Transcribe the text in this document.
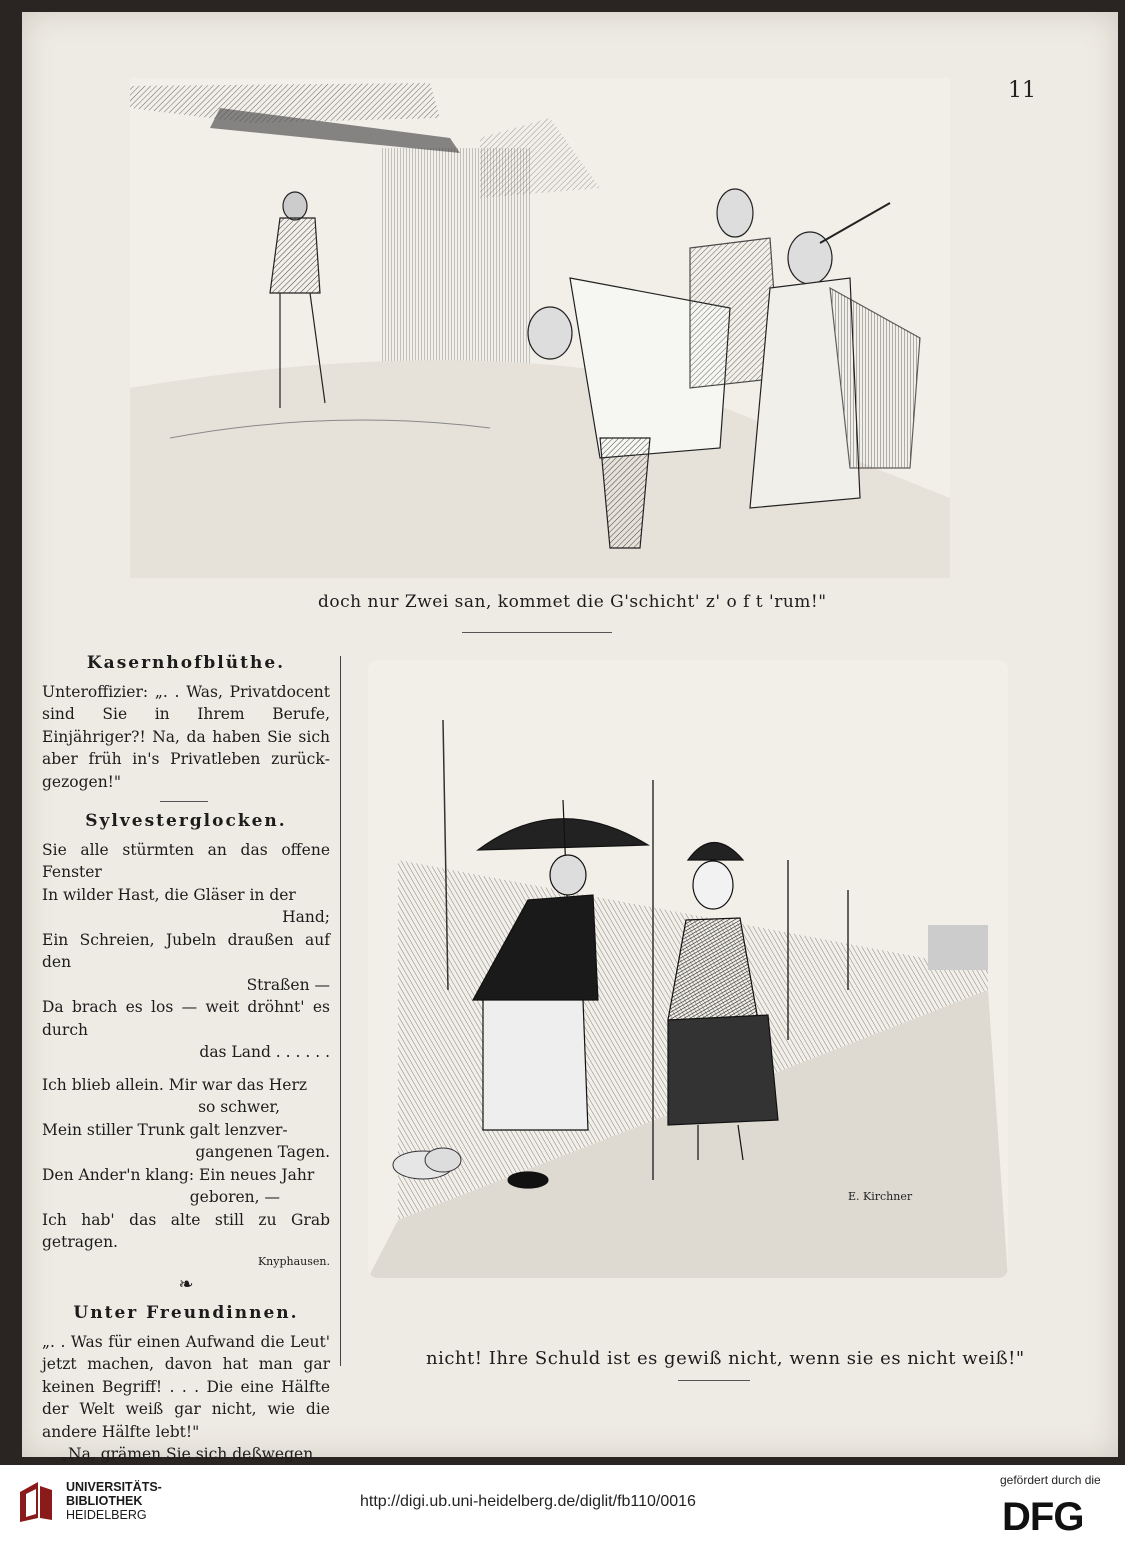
11
doch nur Zwei san, kommet die G'schicht' z' o f t 'rum!"
E. Kirchner
nicht! Ihre Schuld ist es gewiß nicht, wenn sie es nicht weiß!"
Kasernhofblüthe.

Unteroffizier: „. . Was, Privatdocent sind Sie in Ihrem Berufe, Einjähriger?! Na, da haben Sie sich aber früh in's Privatleben zurückgezogen!"

Sylvesterglocken.

Sie alle stürmten an das offene Fenster

In wilder Hast, die Gläser in der

Hand;

Ein Schreien, Jubeln draußen auf den

Straßen —

Da brach es los — weit dröhnt' es durch

das Land . . . . . .

Ich blieb allein. Mir war das Herz

so schwer,

Mein stiller Trunk galt lenzver-

gangenen Tagen.

Den Ander'n klang: Ein neues Jahr

geboren, —

Ich hab' das alte still zu Grab getragen.

Knyphausen.

❧
Unter Freundinnen.

„. . Was für einen Aufwand die Leut' jetzt machen, davon hat man gar keinen Begriff! . . . Die eine Hälfte der Welt weiß gar nicht, wie die andere Hälfte lebt!"

„Na, grämen Sie sich deßwegen

UNIVERSITÄTS-
BIBLIOTHEK
HEIDELBERG
http://digi.ub.uni-heidelberg.de/diglit/fb110/0016
gefördert durch die
DFG
